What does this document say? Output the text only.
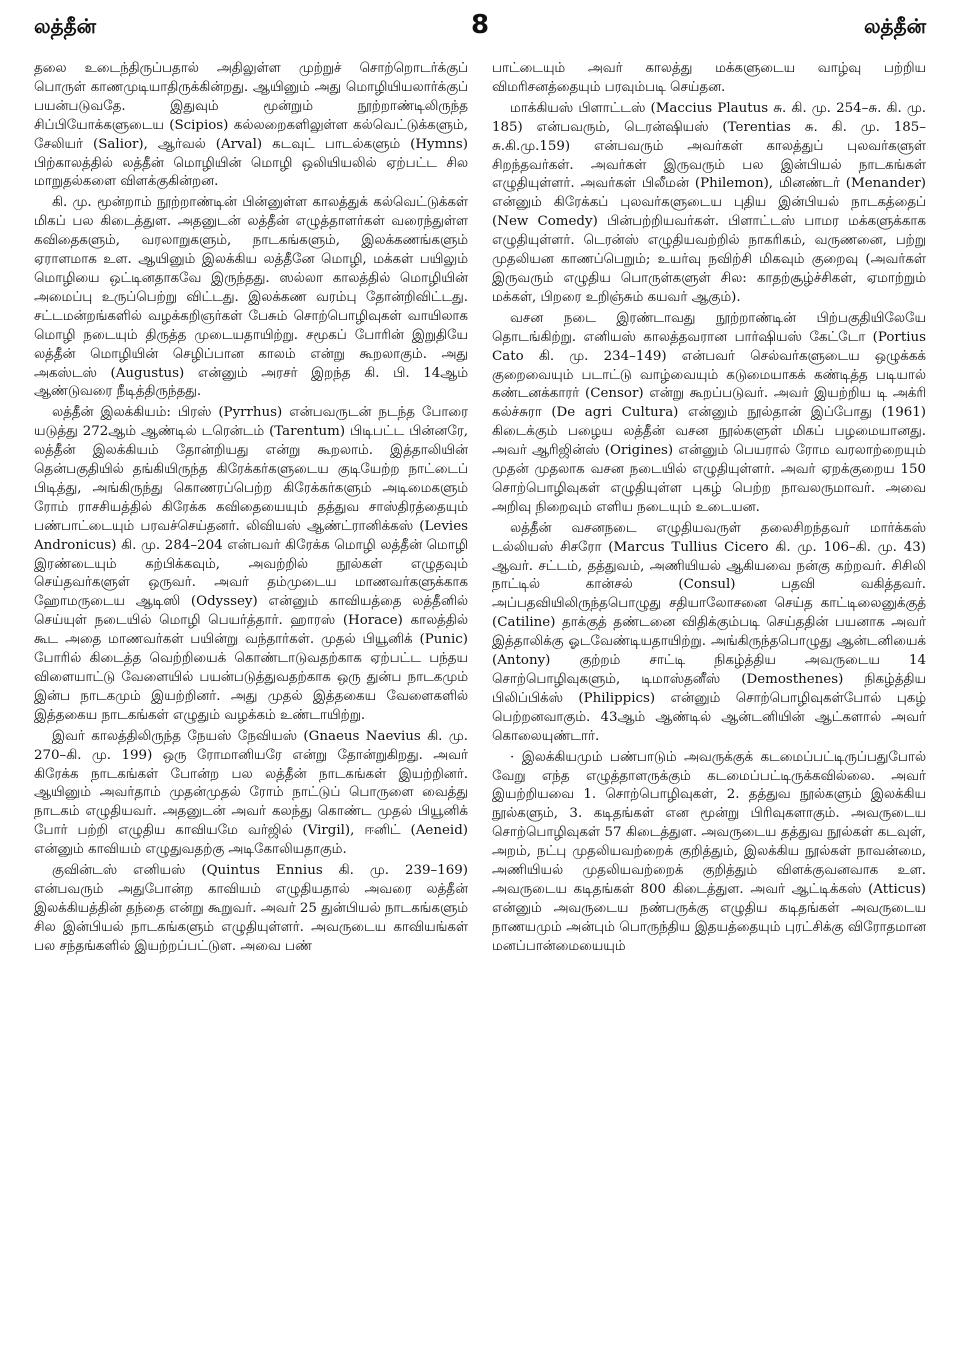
லத்தீன்	8	லத்தீன்

தலை உடைந்திருப்பதால் அதிலுள்ள முற்றுச் சொற்றொடர்க்குப் பொருள் காணமுடியாதிருக்கின்றது. ஆயினும் அது மொழியியலார்க்குப் பயன்படுவதே. இதுவும் மூன்றும் நூற்றாண்டிலிருந்த சிப்பியோக்களுடைய (Scipios) கல்லறைகளிலுள்ள கல்வெட்டுக்களும், சேலியர் (Salior), ஆர்வல் (Arval) கடவுட் பாடல்களும் (Hymns) பிற்காலத்தில் லத்தீன் மொழியின் மொழி ஒலியியலில் ஏற்பட்ட சில மாறுதல்களை விளக்குகின்றன.

கி. மு. மூன்றாம் நூற்றாண்டின் பின்னுள்ள காலத்துக் கல்வெட்டுக்கள் மிகப் பல கிடைத்துள. அதனுடன் லத்தீன் எழுத்தாளர்கள் வரைந்துள்ள கவிதைகளும், வரலாறுகளும், நாடகங்களும், இலக்கணங்களும் ஏராளமாக உள. ஆயினும் இலக்கிய லத்தீனே மொழி, மக்கள் பயிலும் மொழியை ஒட்டினதாகவே இருந்தது. ஸல்லா காலத்தில் மொழியின் அமைப்பு உருப்பெற்று விட்டது. இலக்கண வரம்பு தோன்றிவிட்டது. சட்டமன்றங்களில் வழக்கறிஞர்கள் பேசும் சொற்பொழிவுகள் வாயிலாக மொழி நடையும் திருத்த முடையதாயிற்று. சமூகப் போரின் இறுதியே லத்தீன் மொழியின் செழிப்பான காலம் என்று கூறலாகும். அது அகஸ்டஸ் (Augustus) என்னும் அரசர் இறந்த கி. பி. 14ஆம் ஆண்டுவரை நீடித்திருந்தது.

லத்தீன் இலக்கியம்: பிரஸ் (Pyrrhus) என்பவருடன் நடந்த போரை யடுத்து 272ஆம் ஆண்டில் டரென்டம் (Tarentum) பிடிபட்ட பின்னரே, லத்தீன் இலக்கியம் தோன்றியது என்று கூறலாம். இத்தாலியின் தென்பகுதியில் தங்கியிருந்த கிரேக்கர்களுடைய குடியேற்ற நாட்டைப் பிடித்து, அங்கிருந்து கொணரப்பெற்ற கிரேக்கர்களும் அடிமைகளும் ரோம் ராசசியத்தில் கிரேக்க கவிதையையும் தத்துவ சாஸ்திரத்தையும் பண்பாட்டையும் பரவச்செய்தனர். லிவியஸ் ஆண்ட்ரானிக்கஸ் (Levies Andronicus) கி. மு. 284–204 என்பவர் கிரேக்க மொழி லத்தீன் மொழி இரண்டையும் கற்பிக்கவும், அவற்றில் நூல்கள் எழுதவும் செய்தவர்களுள் ஒருவர். அவர் தம்முடைய மாணவர்களுக்காக ஹோமருடைய ஆடிஸி (Odyssey) என்னும் காவியத்தை லத்தீனில் செய்யுள் நடையில் மொழி பெயர்த்தார். ஹாரஸ் (Horace) காலத்தில் கூட அதை மாணவர்கள் பயின்று வந்தார்கள். முதல் பியூனிக் (Punic) போரில் கிடைத்த வெற்றியைக் கொண்டாடுவதற்காக ஏற்பட்ட பந்தய விளையாட்டு வேளையில் பயன்படுத்துவதற்காக ஒரு துன்ப நாடகமும் இன்ப நாடகமும் இயற்றினர். அது முதல் இத்தகைய வேளைகளில் இத்தகைய நாடகங்கள் எழுதும் வழக்கம் உண்டாயிற்று.

இவர் காலத்திலிருந்த நேயஸ் நேவியஸ் (Gnaeus Naevius கி. மு. 270–கி. மு. 199) ஒரு ரோமானியரே என்று தோன்றுகிறது. அவர் கிரேக்க நாடகங்கள் போன்ற பல லத்தீன் நாடகங்கள் இயற்றினர். ஆயினும் அவர்தாம் முதன்முதல் ரோம் நாட்டுப் பொருளை வைத்து நாடகம் எழுதியவர். அதனுடன் அவர் கலந்து கொண்ட முதல் பியூனிக் போர் பற்றி எழுதிய காவியமே வர்ஜில் (Virgil), ஈனிட் (Aeneid) என்னும் காவியம் எழுதுவதற்கு அடிகோலியதாகும்.

குவின்டஸ் எனியஸ் (Quintus Ennius கி. மு. 239–169) என்பவரும் அதுபோன்ற காவியம் எழுதியதால் அவரை லத்தீன் இலக்கியத்தின் தந்தை என்று கூறுவர். அவர் 25 துன்பியல் நாடகங்களும் சில இன்பியல் நாடகங்களும் எழுதியுள்ளர். அவருடைய காவியங்கள் பல சந்தங்களில் இயற்றப்பட்டுள. அவை பண்

பாட்டையும் அவர் காலத்து மக்களுடைய வாழ்வு பற்றிய விமரிசனத்தையும் பரவும்படி செய்தன.

மாக்கியஸ் பிளாட்டஸ் (Maccius Plautus சு. கி. மு. 254–சு. கி. மு. 185) என்பவரும், டெரன்ஷியஸ் (Terentias சு. கி. மு. 185–சு.கி.மு.159) என்பவரும் அவர்கள் காலத்துப் புலவர்களுள் சிறந்தவர்கள். அவர்கள் இருவரும் பல இன்பியல் நாடகங்கள் எழுதியுள்ளர். அவர்கள் பிலீமன் (Philemon), மினண்டர் (Menander) என்னும் கிரேக்கப் புலவர்களுடைய புதிய இன்பியல் நாடகத்தைப் (New Comedy) பின்பற்றியவர்கள். பிளாட்டஸ் பாமர மக்களுக்காக எழுதியுள்ளர். டெரன்ஸ் எழுதியவற்றில் நாகரிகம், வருணனை, பற்று முதலியன காணப்பெறும்; உயர்வு நவிற்சி மிகவும் குறைவு (அவர்கள் இருவரும் எழுதிய பொருள்களுள் சில: காதற்சூழ்ச்சிகள், ஏமாற்றும் மக்கள், பிறரை உறிஞ்சும் கயவர் ஆகும்).

வசன நடை இரண்டாவது நூற்றாண்டின் பிற்பகுதியிலேயே தொடங்கிற்று. எனியஸ் காலத்தவரான பார்ஷியஸ் கேட்டோ (Portius Cato கி. மு. 234–149) என்பவர் செல்வர்களுடைய ஒழுக்கக் குறைவையும் படாட்டு வாழ்வையும் கடுமையாகக் கண்டித்த படியால் கண்டனக்காரர் (Censor) என்று கூறப்படுவர். அவர் இயற்றிய டி அக்ரி கல்ச்சுரா (De agri Cultura) என்னும் நூல்தான் இப்போது (1961) கிடைக்கும் பழைய லத்தீன் வசன நூல்களுள் மிகப் பழமையானது. அவர் ஆரிஜின்ஸ் (Origines) என்னும் பெயரால் ரோம வரலாற்றையும் முதன் முதலாக வசன நடையில் எழுதியுள்ளர். அவர் ஏறக்குறைய 150 சொற்பொழிவுகள் எழுதியுள்ள புகழ் பெற்ற நாவலருமாவர். அவை அறிவு நிறைவும் எளிய நடையும் உடையன.

லத்தீன் வசனநடை எழுதியவருள் தலைசிறந்தவர் மார்க்கஸ் டல்லியஸ் சிசரோ (Marcus Tullius Cicero கி. மு. 106–கி. மு. 43) ஆவர். சட்டம், தத்துவம், அணியியல் ஆகியவை நன்கு கற்றவர். சிசிலி நாட்டில் கான்சல் (Consul) பதவி வகித்தவர். அப்பதவியிலிருந்தபொழுது சதியாலோசனை செய்த காட்டிலைனுக்குத் (Catiline) தாக்குத் தண்டனை விதிக்கும்படி செய்ததின் பயனாக அவர் இத்தாலிக்கு ஓடவேண்டியதாயிற்று. அங்கிருந்தபொழுது ஆன்டனியைக் (Antony) குற்றம் சாட்டி நிகழ்த்திய அவருடைய 14 சொற்பொழிவுகளும், டிமாஸ்தனீஸ் (Demosthenes) நிகழ்த்திய பிலிப்பிக்ஸ் (Philippics) என்னும் சொற்பொழிவுகள்போல் புகழ் பெற்றனவாகும். 43ஆம் ஆண்டில் ஆன்டனியின் ஆட்களால் அவர் கொலையுண்டார்.

· இலக்கியமும் பண்பாடும் அவருக்குக் கடமைப்பட்டிருப்பதுபோல் வேறு எந்த எழுத்தாளருக்கும் கடமைப்பட்டிருக்கவில்லை. அவர் இயற்றியவை 1. சொற்பொழிவுகள், 2. தத்துவ நூல்களும் இலக்கிய நூல்களும், 3. கடிதங்கள் என மூன்று பிரிவுகளாகும். அவருடைய சொற்பொழிவுகள் 57 கிடைத்துள. அவருடைய தத்துவ நூல்கள் கடவுள், அறம், நட்பு முதலியவற்றைக் குறித்தும், இலக்கிய நூல்கள் நாவன்மை, அணியியல் முதலியவற்றைக் குறித்தும் விளக்குவனவாக உள. அவருடைய கடிதங்கள் 800 கிடைத்துள. அவர் ஆட்டிக்கஸ் (Atticus) என்னும் அவருடைய நண்பருக்கு எழுதிய கடிதங்கள் அவருடைய நாணயமும் அன்பும் பொருந்திய இதயத்தையும் புரட்சிக்கு விரோதமான மனப்பான்மையையும்
